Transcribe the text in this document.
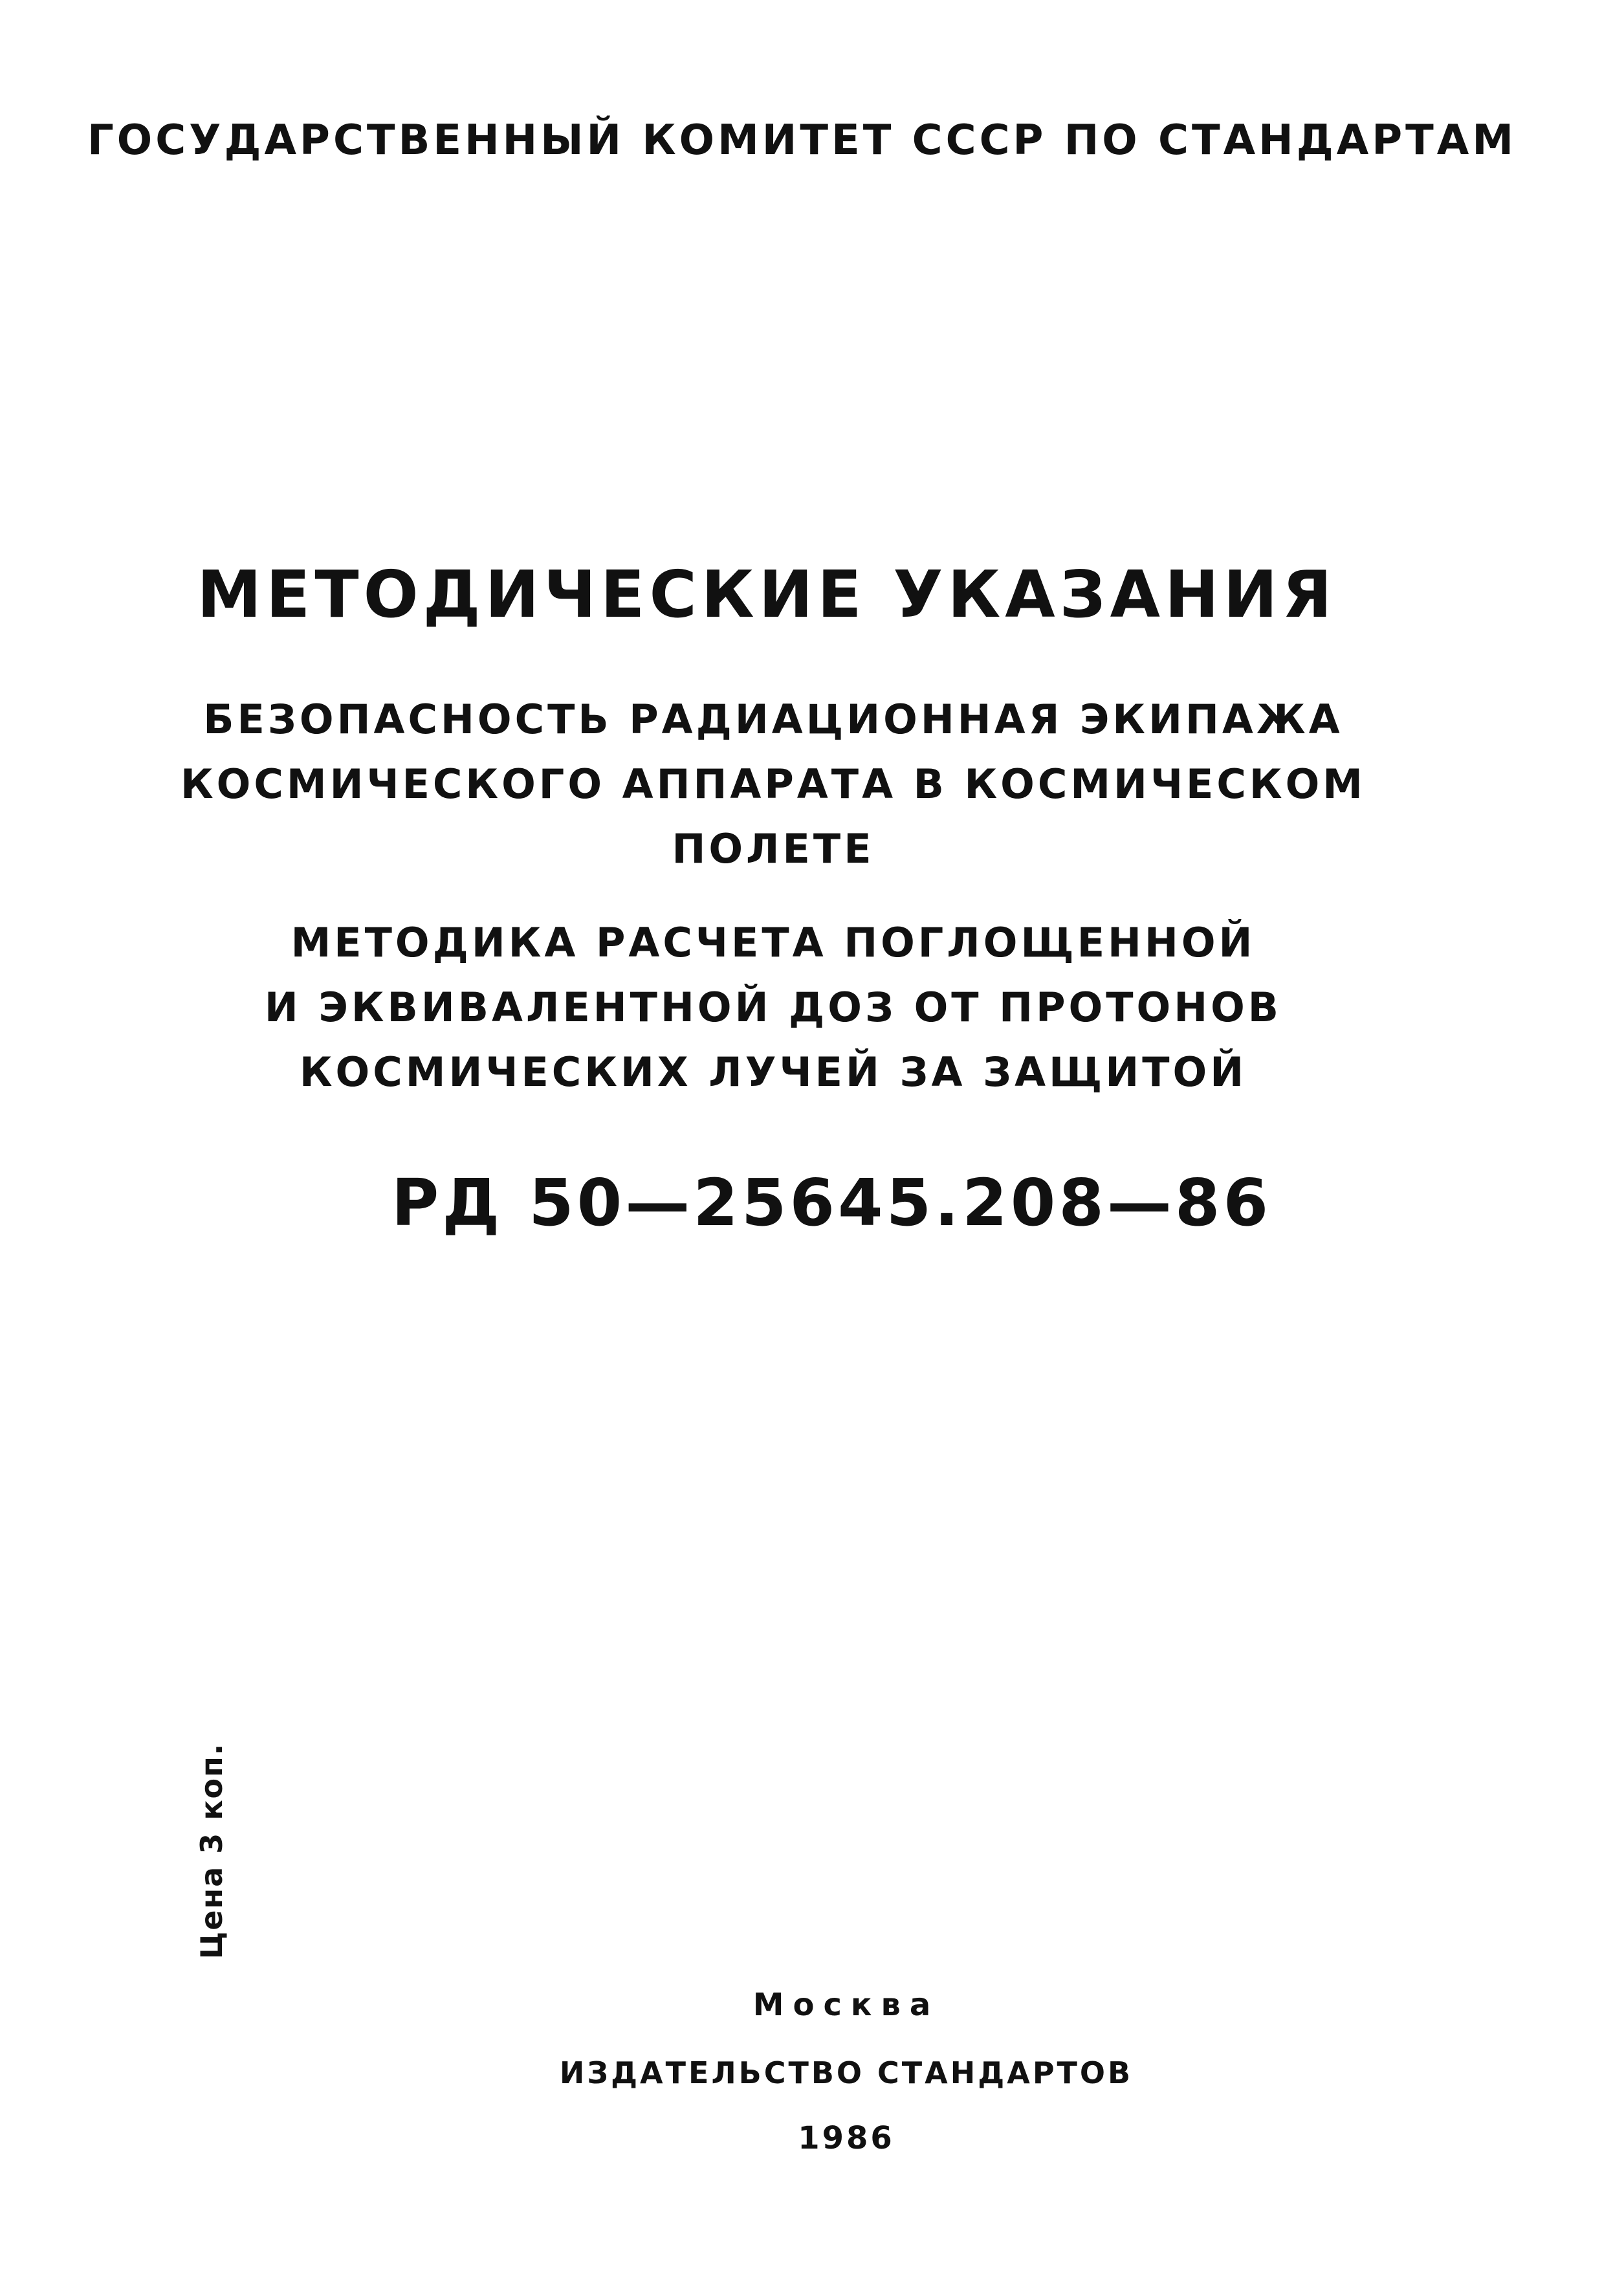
ГОСУДАРСТВЕННЫЙ КОМИТЕТ СССР ПО СТАНДАРТАМ
МЕТОДИЧЕСКИЕ УКАЗАНИЯ
БЕЗОПАСНОСТЬ РАДИАЦИОННАЯ ЭКИПАЖА
КОСМИЧЕСКОГО АППАРАТА В КОСМИЧЕСКОМ
ПОЛЕТЕ
МЕТОДИКА РАСЧЕТА ПОГЛОЩЕННОЙ
И ЭКВИВАЛЕНТНОЙ ДОЗ ОТ ПРОТОНОВ
КОСМИЧЕСКИХ ЛУЧЕЙ ЗА ЗАЩИТОЙ
РД 50—25645.208—86
Цена 3 коп.
Москва
ИЗДАТЕЛЬСТВО СТАНДАРТОВ
1986
